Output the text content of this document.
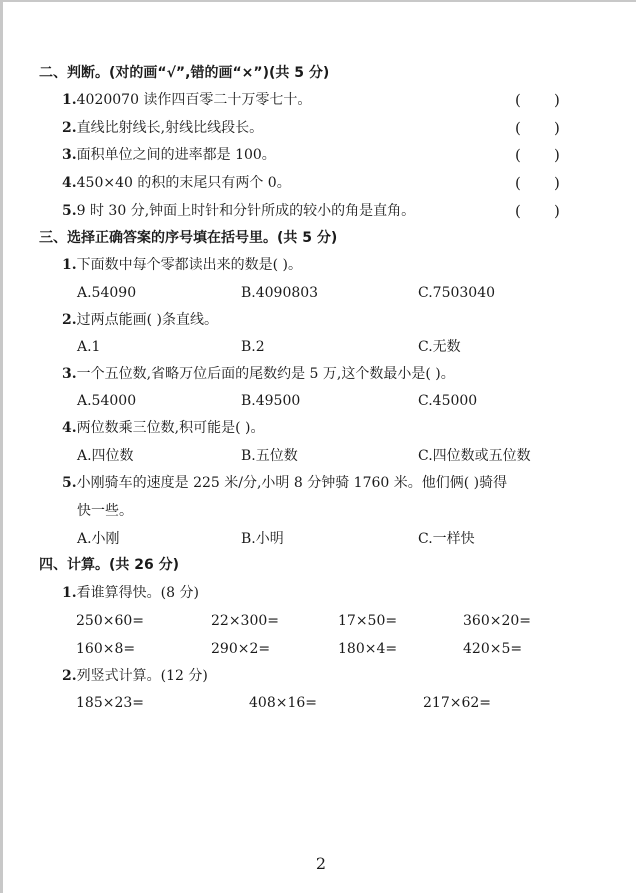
二、判断。(对的画“√”,错的画“×”)(共 5 分)
1.4020070 读作四百零二十万零七十。	( )
2.直线比射线长,射线比线段长。	( )
3.面积单位之间的进率都是 100。	( )
4.450×40 的积的末尾只有两个 0。	( )
5.9 时 30 分,钟面上时针和分针所成的较小的角是直角。	( )
三、选择正确答案的序号填在括号里。(共 5 分)
1.下面数中每个零都读出来的数是( )。
A.54090	B.4090803	C.7503040
2.过两点能画( )条直线。
A.1	B.2	C.无数
3.一个五位数,省略万位后面的尾数约是 5 万,这个数最小是( )。
A.54000	B.49500	C.45000
4.两位数乘三位数,积可能是( )。
A.四位数	B.五位数	C.四位数或五位数
5.小刚骑车的速度是 225 米/分,小明 8 分钟骑 1760 米。他们俩( )骑得
快一些。
A.小刚	B.小明	C.一样快
四、计算。(共 26 分)
1.看谁算得快。(8 分)
250×60=	22×300=	17×50=	360×20=
160×8=	290×2=	180×4=	420×5=
2.列竖式计算。(12 分)
185×23=	408×16=	217×62=
2
